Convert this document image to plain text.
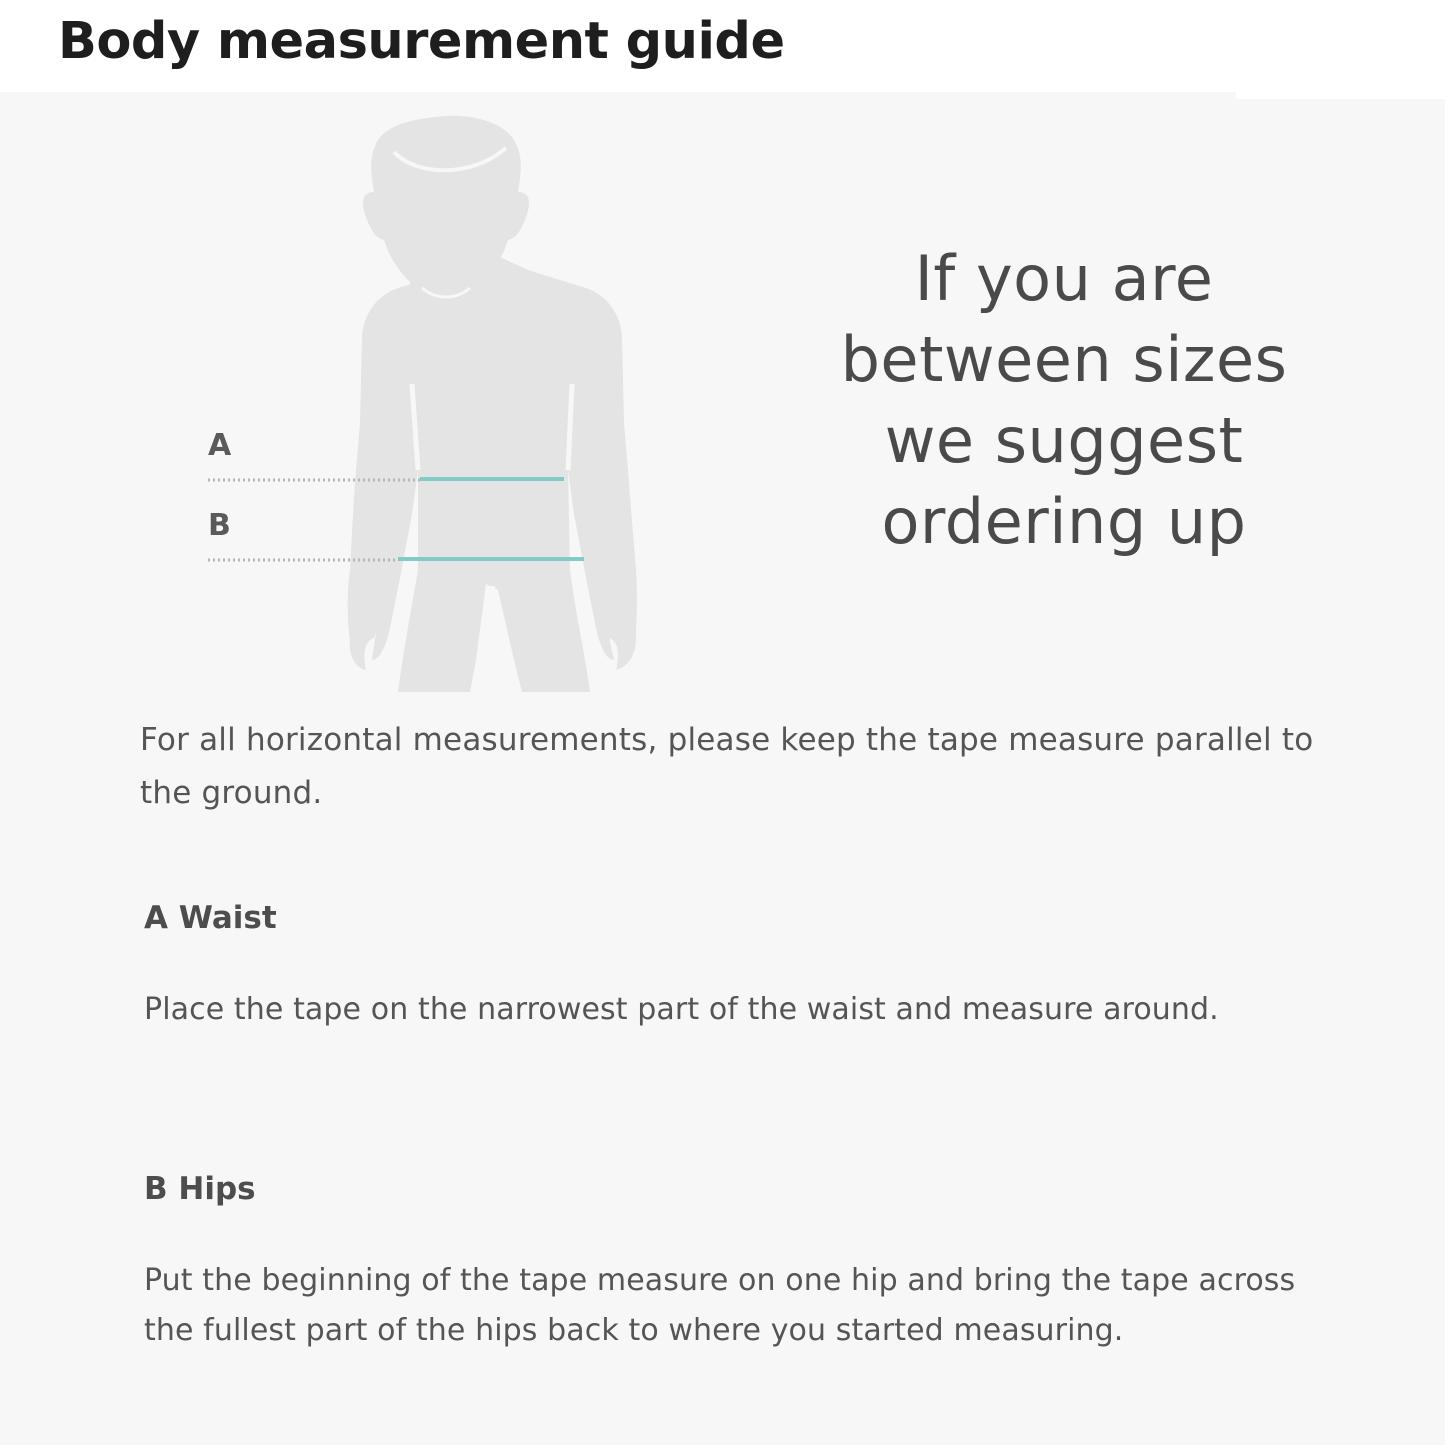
Body measurement guide
A
B
If you are
between sizes
we suggest
ordering up

For all horizontal measurements, please keep the tape measure parallel to the ground.

A Waist

Place the tape on the narrowest part of the waist and measure around.

B Hips

Put the beginning of the tape measure on one hip and bring the tape across the fullest part of the hips back to where you started measuring.
